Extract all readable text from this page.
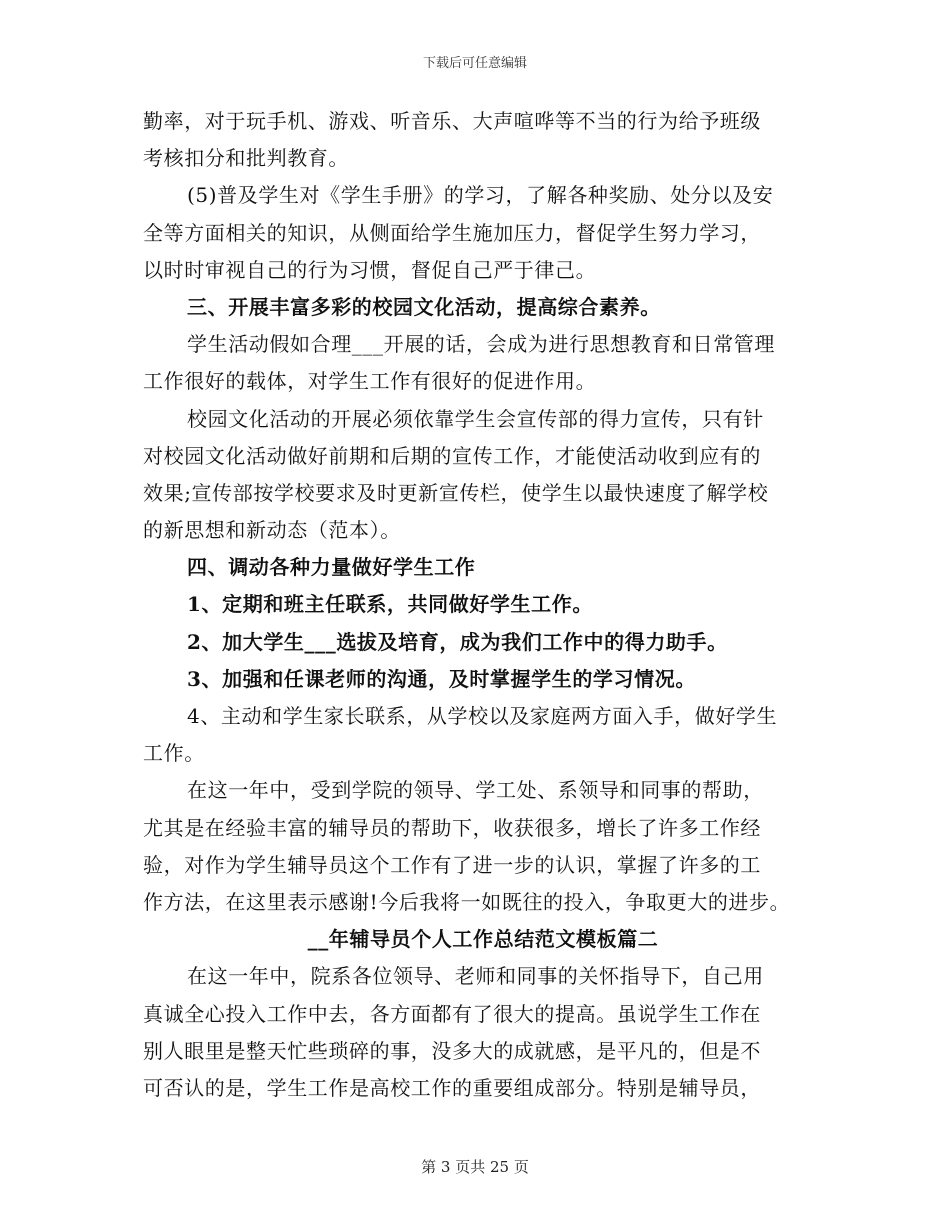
下载后可任意编辑
勤率，对于玩手机、游戏、听音乐、大声喧哗等不当的行为给予班级
考核扣分和批判教育。
(5)普及学生对《学生手册》的学习，了解各种奖励、处分以及安
全等方面相关的知识，从侧面给学生施加压力，督促学生努力学习，
以时时审视自己的行为习惯，督促自己严于律己。
三、开展丰富多彩的校园文化活动，提高综合素养。
学生活动假如合理___开展的话，会成为进行思想教育和日常管理
工作很好的载体，对学生工作有很好的促进作用。
校园文化活动的开展必须依靠学生会宣传部的得力宣传，只有针
对校园文化活动做好前期和后期的宣传工作，才能使活动收到应有的
效果;宣传部按学校要求及时更新宣传栏，使学生以最快速度了解学校
的新思想和新动态（范本）。
四、调动各种力量做好学生工作
1、定期和班主任联系，共同做好学生工作。
2、加大学生___选拔及培育，成为我们工作中的得力助手。
3、加强和任课老师的沟通，及时掌握学生的学习情况。
4、主动和学生家长联系，从学校以及家庭两方面入手，做好学生
工作。
在这一年中，受到学院的领导、学工处、系领导和同事的帮助，
尤其是在经验丰富的辅导员的帮助下，收获很多，增长了许多工作经
验，对作为学生辅导员这个工作有了进一步的认识，掌握了许多的工
作方法，在这里表示感谢!今后我将一如既往的投入，争取更大的进步。
__年辅导员个人工作总结范文模板篇二
在这一年中，院系各位领导、老师和同事的关怀指导下，自己用
真诚全心投入工作中去，各方面都有了很大的提高。虽说学生工作在
别人眼里是整天忙些琐碎的事，没多大的成就感，是平凡的，但是不
可否认的是，学生工作是高校工作的重要组成部分。特别是辅导员，
第 3 页共 25 页
